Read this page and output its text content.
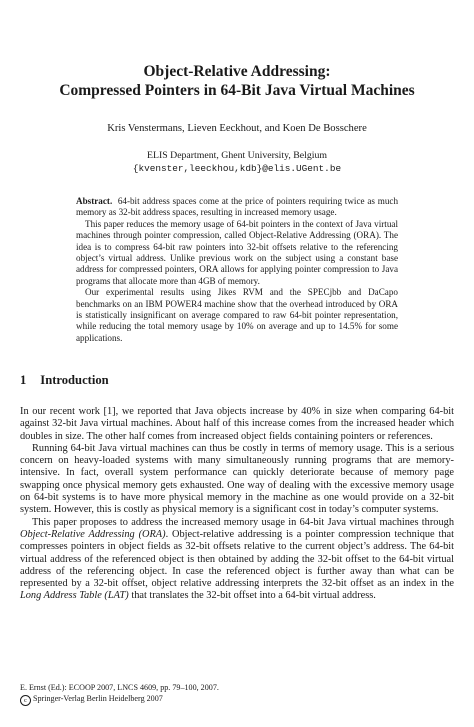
Object-Relative Addressing:
Compressed Pointers in 64-Bit Java Virtual Machines
Kris Venstermans, Lieven Eeckhout, and Koen De Bosschere
ELIS Department, Ghent University, Belgium
{kvenster,leeckhou,kdb}@elis.UGent.be

Abstract. 64-bit address spaces come at the price of pointers requiring twice as much memory as 32-bit address spaces, resulting in increased memory usage.

This paper reduces the memory usage of 64-bit pointers in the context of Java virtual machines through pointer compression, called Object-Relative Addressing (ORA). The idea is to compress 64-bit raw pointers into 32-bit offsets relative to the referencing object’s virtual address. Unlike previous work on the subject using a constant base address for compressed pointers, ORA allows for applying pointer compression to Java programs that allocate more than 4GB of memory.

Our experimental results using Jikes RVM and the SPECjbb and DaCapo benchmarks on an IBM POWER4 machine show that the overhead introduced by ORA is statistically insignificant on average compared to raw 64-bit pointer representation, while reducing the total memory usage by 10% on average and up to 14.5% for some applications.

1 Introduction

In our recent work [1], we reported that Java objects increase by 40% in size when comparing 64-bit against 32-bit Java virtual machines. About half of this increase comes from the increased header which doubles in size. The other half comes from increased object fields containing pointers or references.

Running 64-bit Java virtual machines can thus be costly in terms of memory usage. This is a serious concern on heavy-loaded systems with many simultaneously running programs that are memory-intensive. In fact, overall system performance can quickly deteriorate because of memory page swapping once physical memory gets exhausted. One way of dealing with the excessive memory usage on 64-bit systems is to have more physical memory in the machine as one would provide on a 32-bit system. However, this is costly as physical memory is a significant cost in today’s computer systems.

This paper proposes to address the increased memory usage in 64-bit Java virtual machines through Object-Relative Addressing (ORA). Object-relative addressing is a pointer compression technique that compresses pointers in object fields as 32-bit offsets relative to the current object’s address. The 64-bit virtual address of the referenced object is then obtained by adding the 32-bit offset to the 64-bit virtual address of the referencing object. In case the referenced object is further away than what can be represented by a 32-bit offset, object relative addressing interprets the 32-bit offset as an index in the Long Address Table (LAT) that translates the 32-bit offset into a 64-bit virtual address.

E. Ernst (Ed.): ECOOP 2007, LNCS 4609, pp. 79–100, 2007.
c Springer-Verlag Berlin Heidelberg 2007
